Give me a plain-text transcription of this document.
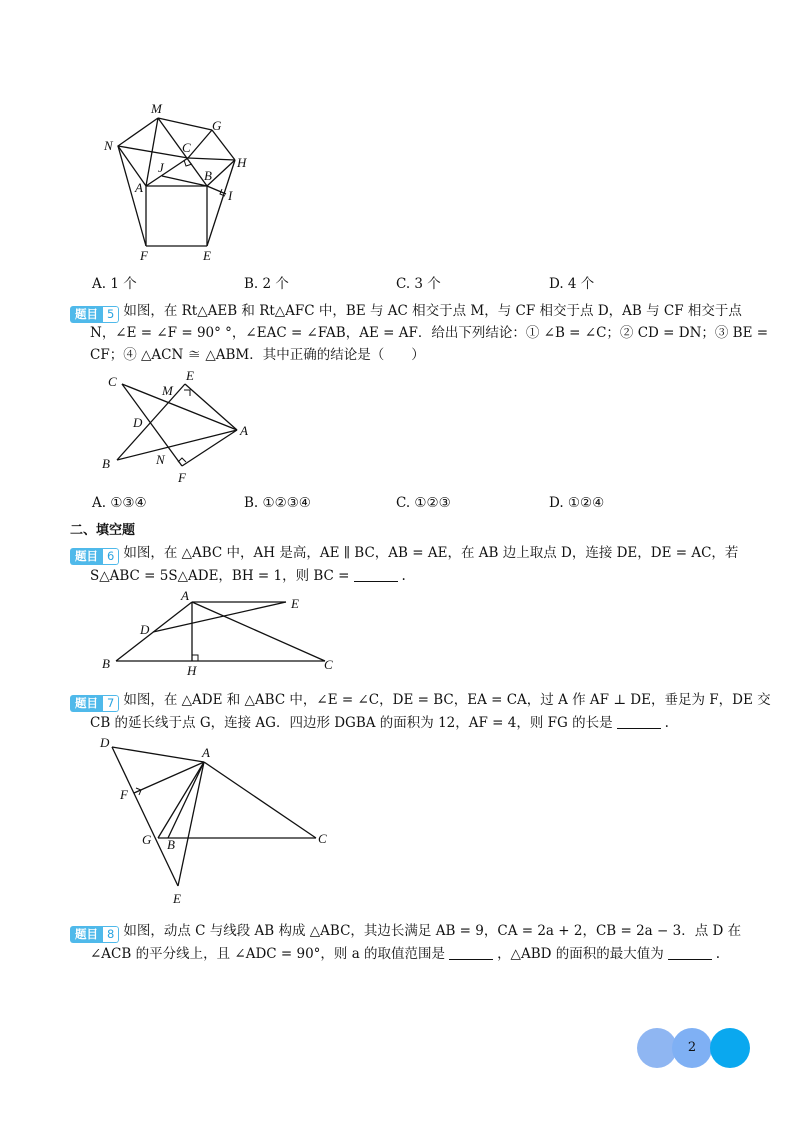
M
G
N	C
H
J
B
A
I
F	E
A. 1 个	B. 2 个	C. 3 个	D. 4 个
题目 5 如图，在 Rt△AEB 和 Rt△AFC 中，BE 与 AC 相交于点 M，与 CF 相交于点 D，AB 与 CF 相交于点
N，∠E = ∠F = 90° °，∠EAC = ∠FAB，AE = AF．给出下列结论：① ∠B = ∠C；② CD = DN；③ BE =
CF；④ △ACN ≅ △ABM．其中正确的结论是（　　）
C	E
M
D
A
B	N
F
A. ①③④	B. ①②③④	C. ①②③	D. ①②④
二、填空题
题目 6 如图，在 △ABC 中，AH 是高，AE ∥ BC，AB = AE，在 AB 边上取点 D，连接 DE，DE = AC，若
S△ABC = 5S△ADE，BH = 1，则 BC =	.
A
E
D
B	H	C
题目 7 如图，在 △ADE 和 △ABC 中，∠E = ∠C，DE = BC，EA = CA，过 A 作 AF ⊥ DE，垂足为 F，DE 交
CB 的延长线于点 G，连接 AG．四边形 DGBA 的面积为 12，AF = 4，则 FG 的长是	.
D
A
F
G B	C
E
题目 8 如图，动点 C 与线段 AB 构成 △ABC，其边长满足 AB = 9，CA = 2a + 2，CB = 2a − 3．点 D 在
∠ACB 的平分线上，且 ∠ADC = 90°，则 a 的取值范围是	，△ABD 的面积的最大值为	.
2
